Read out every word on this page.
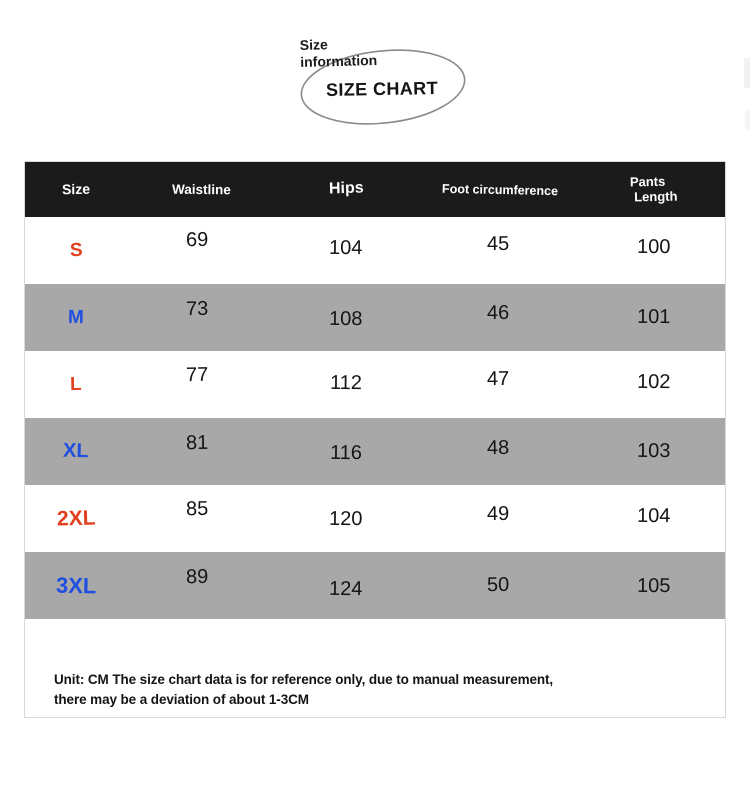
Size
information
SIZE CHART
Size	Waistline	Hips	Foot circumference	Pants
Length

S	69	104	45	100
M	73	108	46	101
L	77	112	47	102
XL	81	116	48	103
2XL	85	120	49	104
3XL	89	124	50	105

Unit: CM The size chart data is for reference only, due to manual measurement,

there may be a deviation of about 1-3CM
